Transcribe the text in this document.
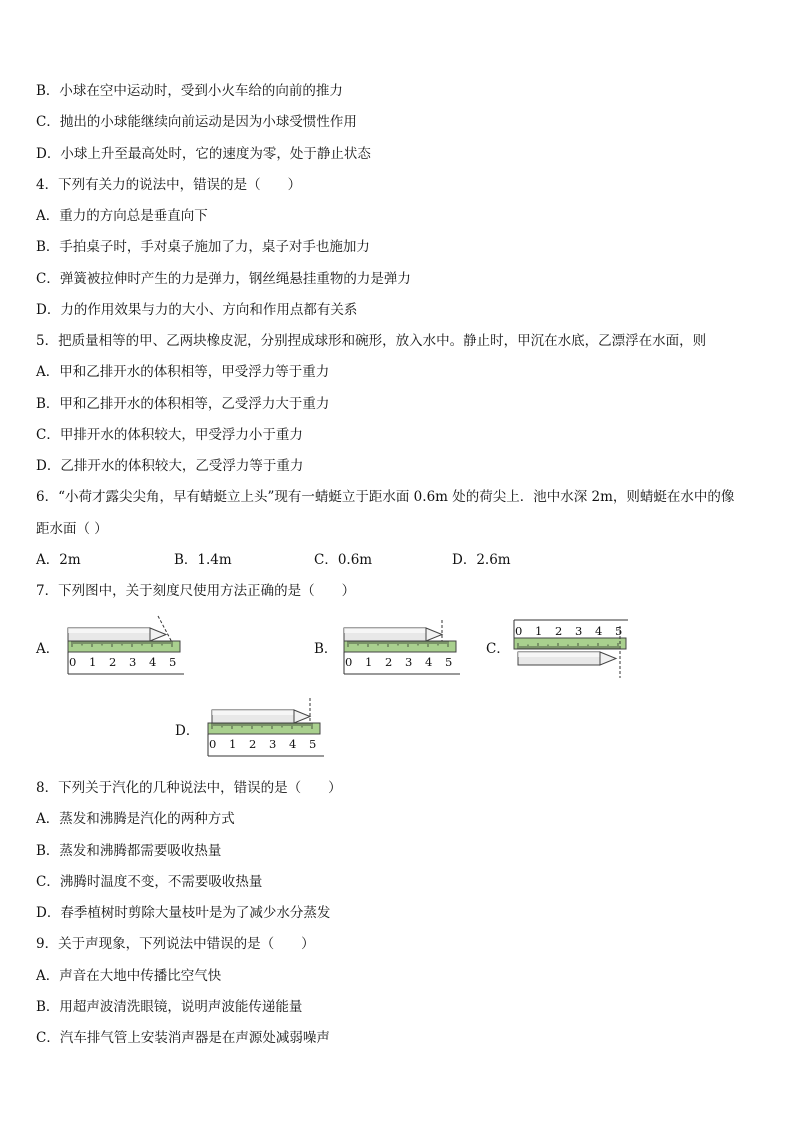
B．小球在空中运动时，受到小火车给的向前的推力
C．抛出的小球能继续向前运动是因为小球受惯性作用
D．小球上升至最高处时，它的速度为零，处于静止状态
4．下列有关力的说法中，错误的是（　　）
A．重力的方向总是垂直向下
B．手拍桌子时，手对桌子施加了力，桌子对手也施加力
C．弹簧被拉伸时产生的力是弹力，钢丝绳悬挂重物的力是弹力
D．力的作用效果与力的大小、方向和作用点都有关系
5．把质量相等的甲、乙两块橡皮泥，分别捏成球形和碗形，放入水中。静止时，甲沉在水底，乙漂浮在水面，则
A．甲和乙排开水的体积相等，甲受浮力等于重力
B．甲和乙排开水的体积相等，乙受浮力大于重力
C．甲排开水的体积较大，甲受浮力小于重力
D．乙排开水的体积较大，乙受浮力等于重力
6．“小荷才露尖尖角，早有蜻蜓立上头”现有一蜻蜓立于距水面 0.6m 处的荷尖上．池中水深 2m，则蜻蜓在水中的像
距水面（ ）
A．2m	B．1.4m	C．0.6m	D．2.6m
7．下列图中，关于刻度尺使用方法正确的是（　　）
A．	B．	C．
D．
0 1 2 3 4 5	0 1 2 3 4 5
0 1 2 3 4 5
0 1 2 3 4 5
8．下列关于汽化的几种说法中，错误的是（　　）
A．蒸发和沸腾是汽化的两种方式
B．蒸发和沸腾都需要吸收热量
C．沸腾时温度不变，不需要吸收热量
D．春季植树时剪除大量枝叶是为了减少水分蒸发
9．关于声现象，下列说法中错误的是（　　）
A．声音在大地中传播比空气快
B．用超声波清洗眼镜，说明声波能传递能量
C．汽车排气管上安装消声器是在声源处减弱噪声
